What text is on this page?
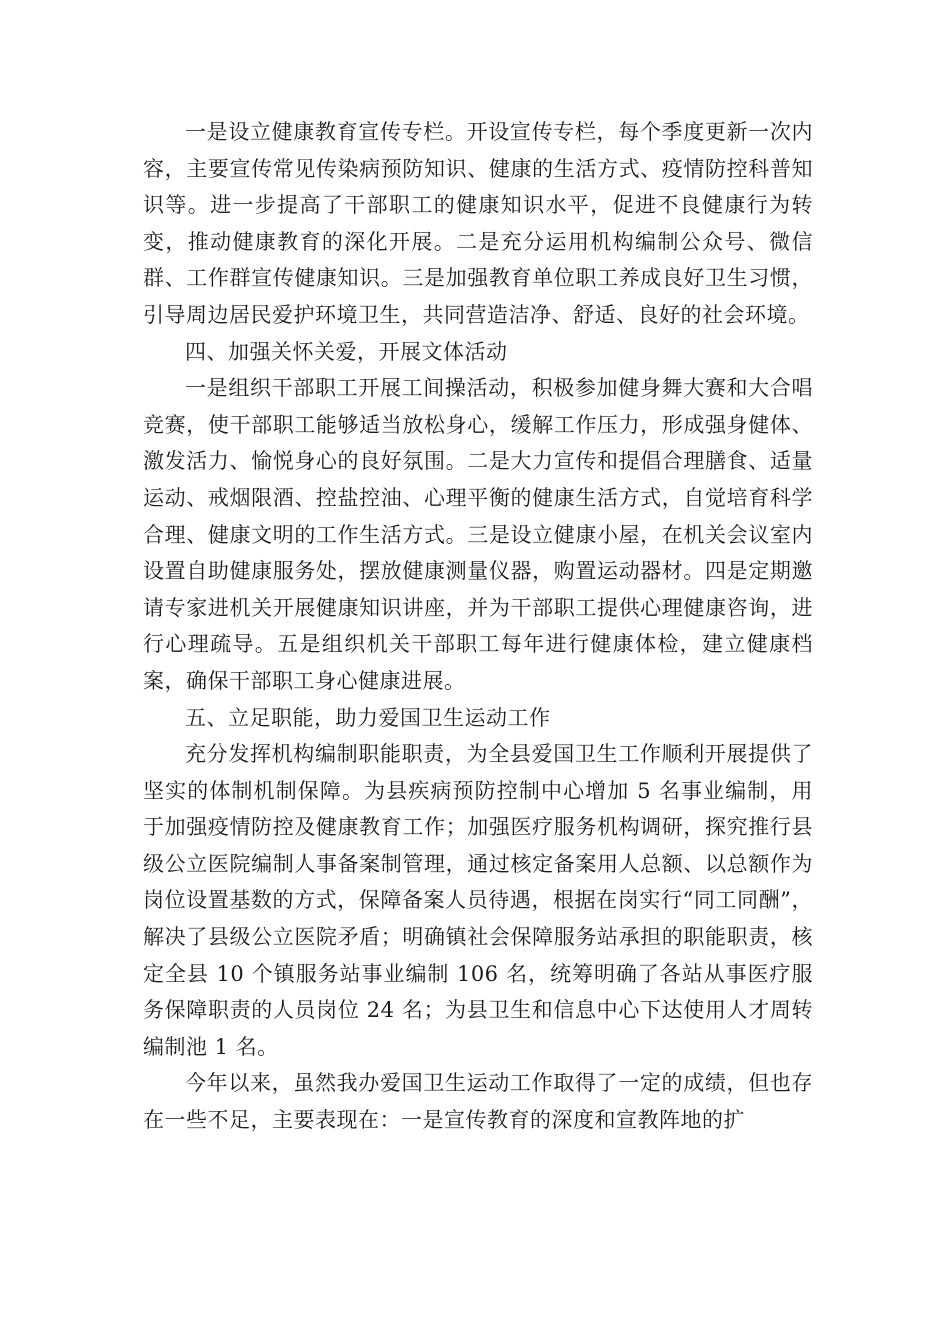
一是设立健康教育宣传专栏。开设宣传专栏，每个季度更新一次内容，主要宣传常见传染病预防知识、健康的生活方式、疫情防控科普知识等。进一步提高了干部职工的健康知识水平，促进不良健康行为转变，推动健康教育的深化开展。二是充分运用机构编制公众号、微信群、工作群宣传健康知识。三是加强教育单位职工养成良好卫生习惯，引导周边居民爱护环境卫生，共同营造洁净、舒适、良好的社会环境。

四、加强关怀关爱，开展文体活动

一是组织干部职工开展工间操活动，积极参加健身舞大赛和大合唱竞赛，使干部职工能够适当放松身心，缓解工作压力，形成强身健体、激发活力、愉悦身心的良好氛围。二是大力宣传和提倡合理膳食、适量运动、戒烟限酒、控盐控油、心理平衡的健康生活方式，自觉培育科学合理、健康文明的工作生活方式。三是设立健康小屋，在机关会议室内设置自助健康服务处，摆放健康测量仪器，购置运动器材。四是定期邀请专家进机关开展健康知识讲座，并为干部职工提供心理健康咨询，进行心理疏导。五是组织机关干部职工每年进行健康体检，建立健康档案，确保干部职工身心健康进展。

五、立足职能，助力爱国卫生运动工作

充分发挥机构编制职能职责，为全县爱国卫生工作顺利开展提供了坚实的体制机制保障。为县疾病预防控制中心增加 5 名事业编制，用于加强疫情防控及健康教育工作；加强医疗服务机构调研，探究推行县级公立医院编制人事备案制管理，通过核定备案用人总额、以总额作为岗位设置基数的方式，保障备案人员待遇，根据在岗实行“同工同酬”，解决了县级公立医院矛盾；明确镇社会保障服务站承担的职能职责，核定全县 10 个镇服务站事业编制 106 名，统筹明确了各站从事医疗服务保障职责的人员岗位 24 名；为县卫生和信息中心下达使用人才周转编制池 1 名。

今年以来，虽然我办爱国卫生运动工作取得了一定的成绩，但也存在一些不足，主要表现在：一是宣传教育的深度和宣教阵地的扩
